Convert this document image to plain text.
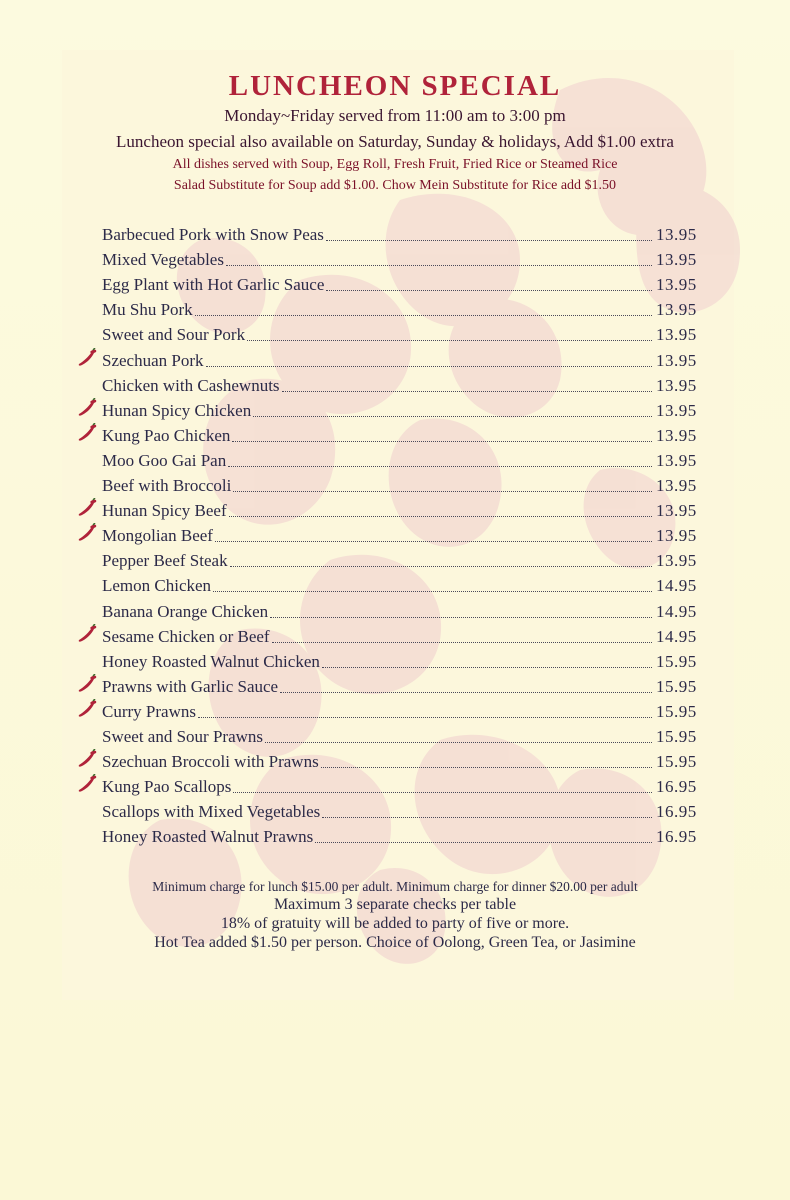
LUNCHEON SPECIAL
Monday~Friday served from 11:00 am to 3:00 pm
Luncheon special also available on Saturday, Sunday & holidays, Add $1.00 extra
All dishes served with Soup, Egg Roll, Fresh Fruit, Fried Rice or Steamed Rice
Salad Substitute for Soup add $1.00. Chow Mein Substitute for Rice add $1.50
Barbecued Pork with Snow Peas	13.95
Mixed Vegetables	13.95
Egg Plant with Hot Garlic Sauce	13.95
Mu Shu Pork	13.95
Sweet and Sour Pork	13.95
Szechuan Pork	13.95
Chicken with Cashewnuts	13.95
Hunan Spicy Chicken	13.95
Kung Pao Chicken	13.95
Moo Goo Gai Pan	13.95
Beef with Broccoli	13.95
Hunan Spicy Beef	13.95
Mongolian Beef	13.95
Pepper Beef Steak	13.95
Lemon Chicken	14.95
Banana Orange Chicken	14.95
Sesame Chicken or Beef	14.95
Honey Roasted Walnut Chicken	15.95
Prawns with Garlic Sauce	15.95
Curry Prawns	15.95
Sweet and Sour Prawns	15.95
Szechuan Broccoli with Prawns	15.95
Kung Pao Scallops	16.95
Scallops with Mixed Vegetables	16.95
Honey Roasted Walnut Prawns	16.95
Minimum charge for lunch $15.00 per adult. Minimum charge for dinner $20.00 per adult
Maximum 3 separate checks per table
18% of gratuity will be added to party of five or more.
Hot Tea added $1.50 per person. Choice of Oolong, Green Tea, or Jasimine
